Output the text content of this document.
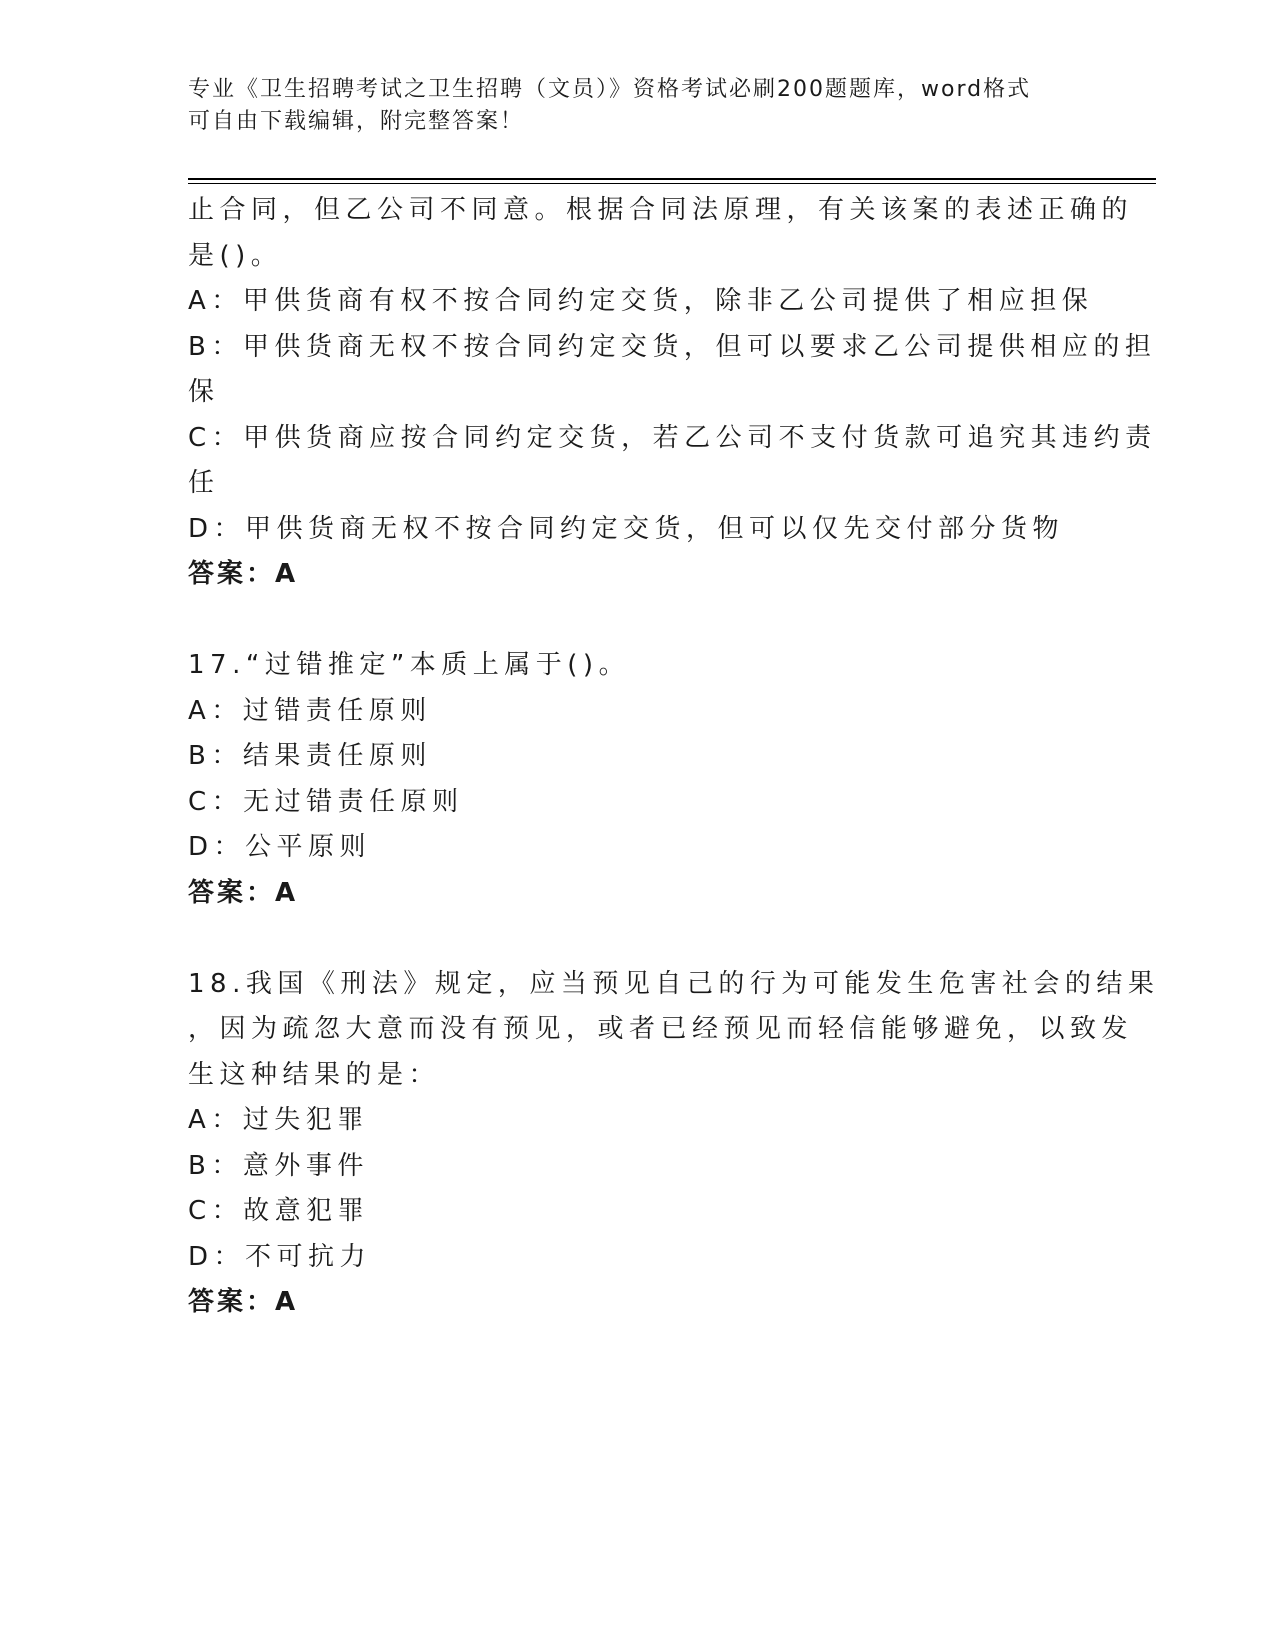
专业《卫生招聘考试之卫生招聘（文员）》资格考试必刷200题题库，word格式
可自由下载编辑，附完整答案！

止合同，但乙公司不同意。根据合同法原理，有关该案的表述正确的

是()。

A：甲供货商有权不按合同约定交货，除非乙公司提供了相应担保

B：甲供货商无权不按合同约定交货，但可以要求乙公司提供相应的担

保

C：甲供货商应按合同约定交货，若乙公司不支付货款可追究其违约责

任

D：甲供货商无权不按合同约定交货，但可以仅先交付部分货物

答案：A

17.“过错推定”本质上属于()。

A：过错责任原则

B：结果责任原则

C：无过错责任原则

D：公平原则

答案：A

18.我国《刑法》规定，应当预见自己的行为可能发生危害社会的结果

，因为疏忽大意而没有预见，或者已经预见而轻信能够避免，以致发

生这种结果的是：

A：过失犯罪

B：意外事件

C：故意犯罪

D：不可抗力

答案：A
